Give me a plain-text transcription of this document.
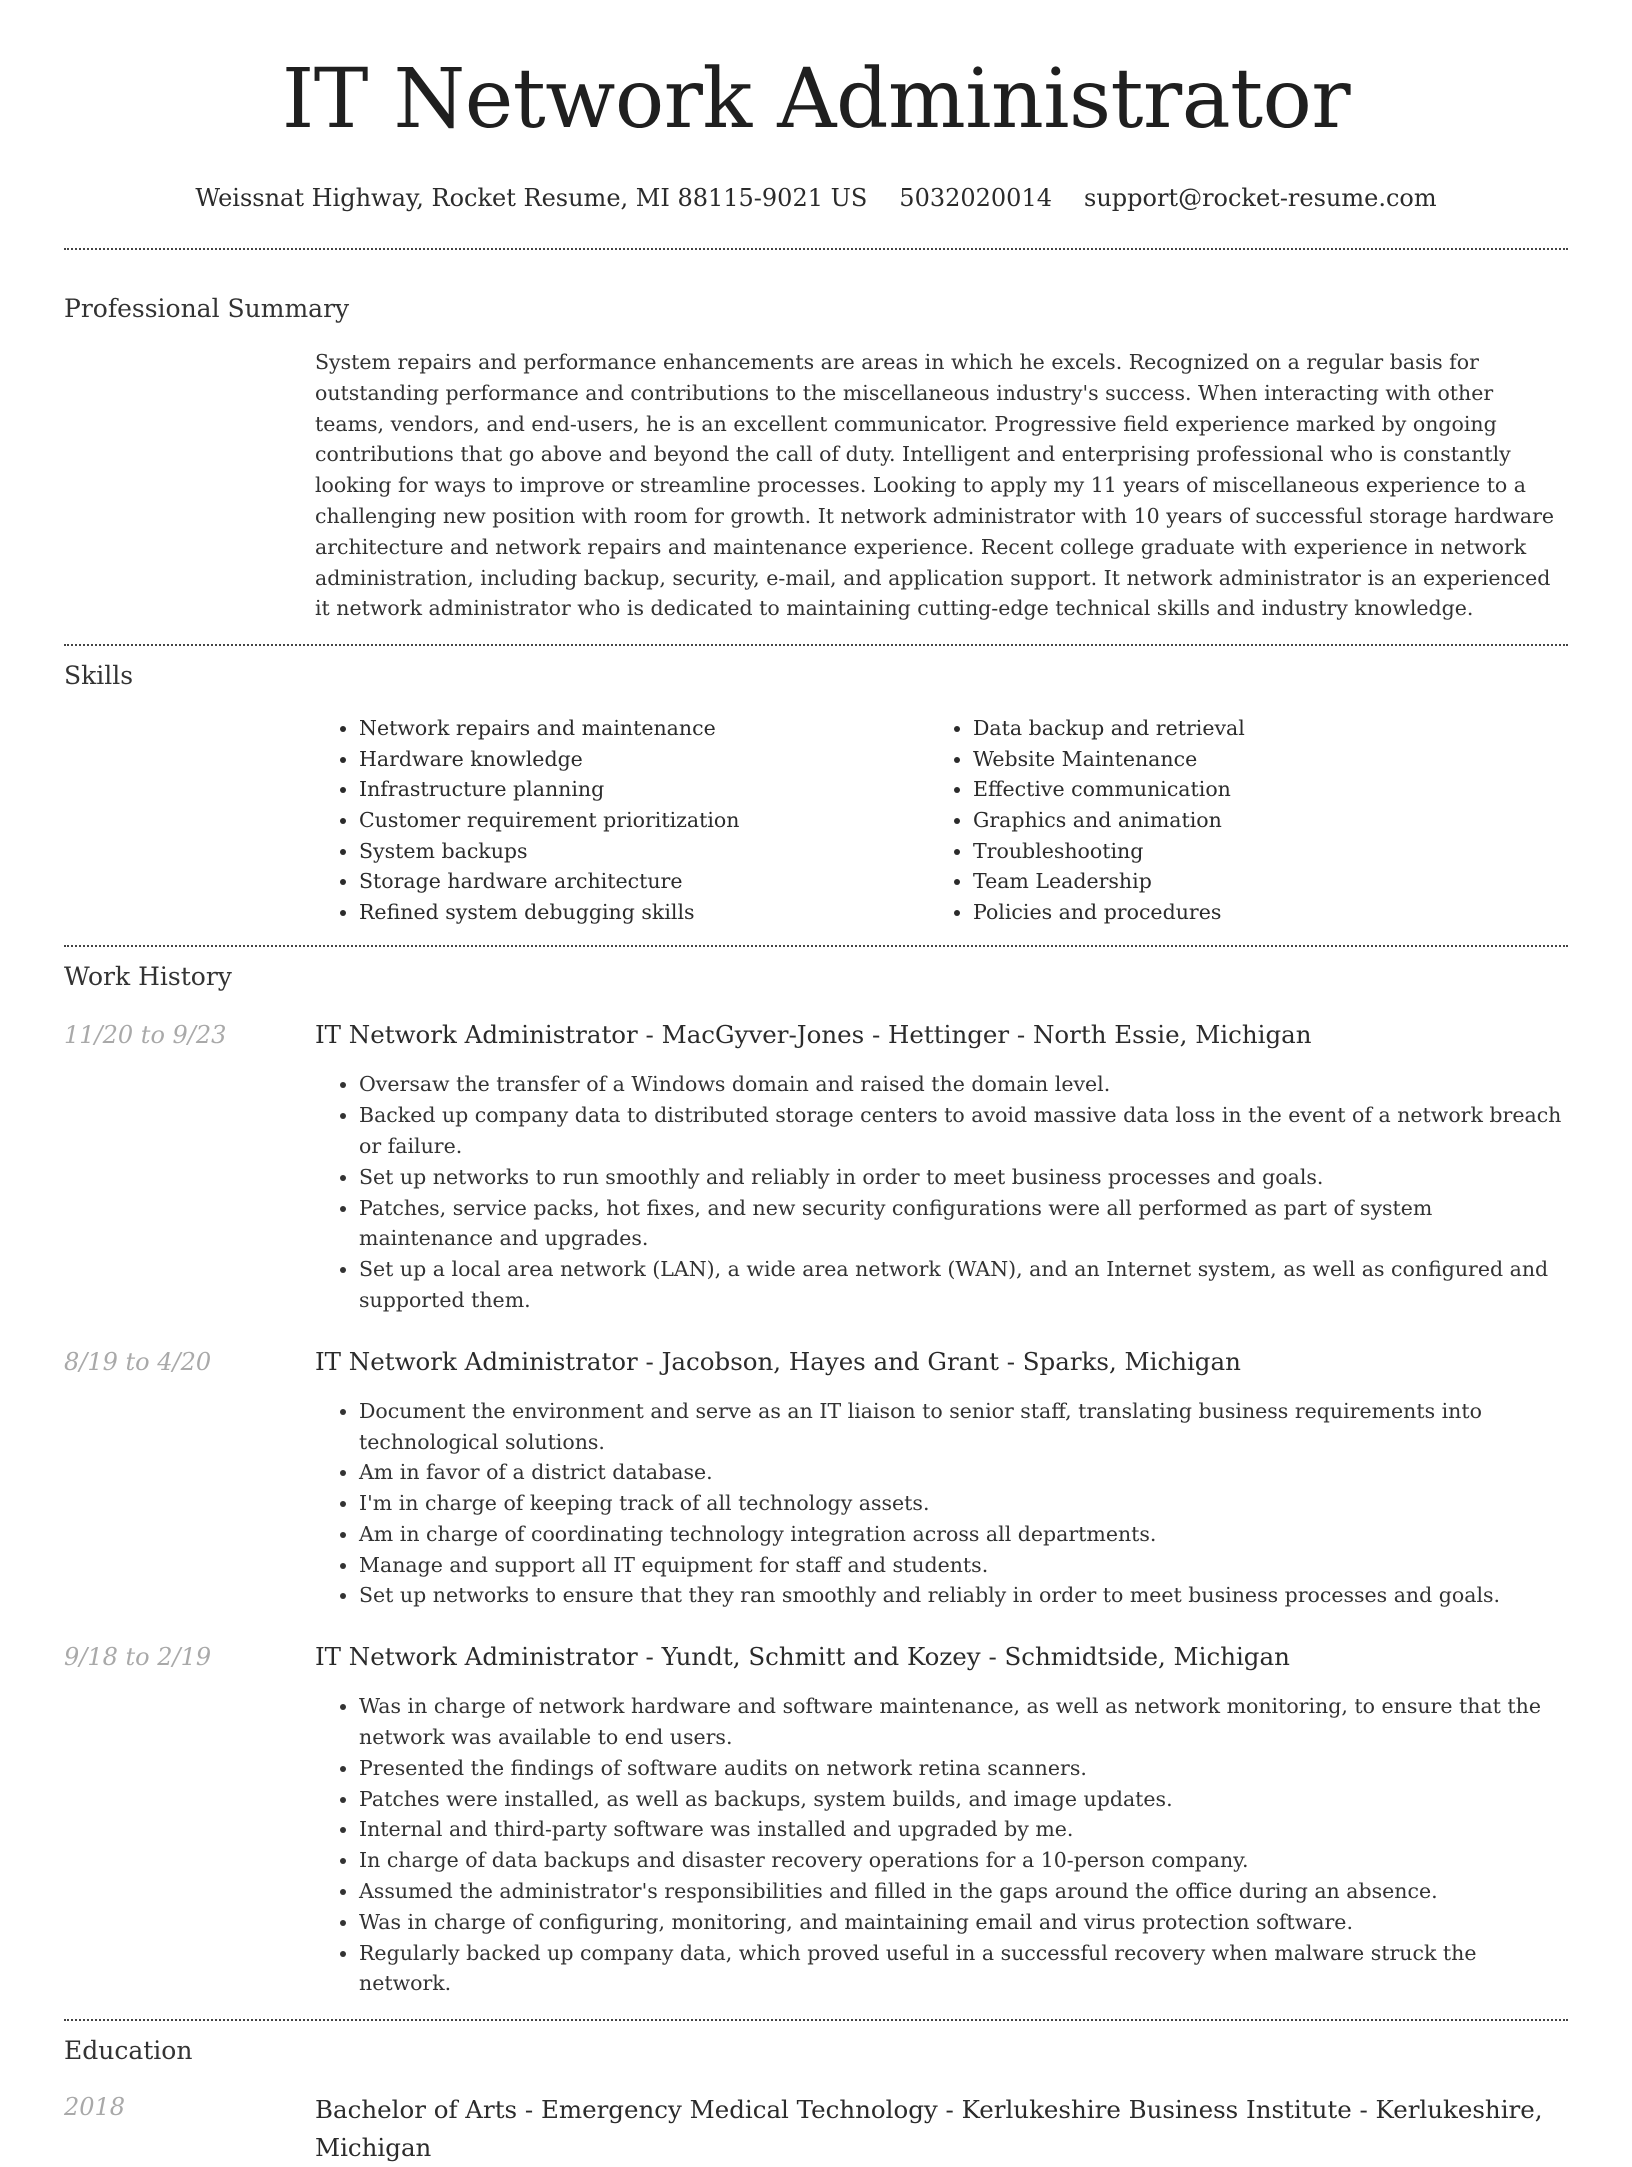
IT Network Administrator
Weissnat Highway, Rocket Resume, MI 88115-9021 US 5032020014 support@rocket-resume.com
Professional Summary
System repairs and performance enhancements are areas in which he excels. Recognized on a regular basis for outstanding performance and contributions to the miscellaneous industry's success. When interacting with other teams, vendors, and end-users, he is an excellent communicator. Progressive field experience marked by ongoing contributions that go above and beyond the call of duty. Intelligent and enterprising professional who is constantly looking for ways to improve or streamline processes. Looking to apply my 11 years of miscellaneous experience to a challenging new position with room for growth. It network administrator with 10 years of successful storage hardware architecture and network repairs and maintenance experience. Recent college graduate with experience in network administration, including backup, security, e-mail, and application support. It network administrator is an experienced it network administrator who is dedicated to maintaining cutting-edge technical skills and industry knowledge.
Skills
• Network repairs and maintenance
• Hardware knowledge
• Infrastructure planning
• Customer requirement prioritization
• System backups
• Storage hardware architecture
• Refined system debugging skills
• Data backup and retrieval
• Website Maintenance
• Effective communication
• Graphics and animation
• Troubleshooting
• Team Leadership
• Policies and procedures
Work History
11/20 to 9/23	IT Network Administrator - MacGyver-Jones - Hettinger - North Essie, Michigan
• Oversaw the transfer of a Windows domain and raised the domain level.
• Backed up company data to distributed storage centers to avoid massive data loss in the event of a network breach or failure.
• Set up networks to run smoothly and reliably in order to meet business processes and goals.
• Patches, service packs, hot fixes, and new security configurations were all performed as part of system maintenance and upgrades.
• Set up a local area network (LAN), a wide area network (WAN), and an Internet system, as well as configured and supported them.
8/19 to 4/20	IT Network Administrator - Jacobson, Hayes and Grant - Sparks, Michigan
• Document the environment and serve as an IT liaison to senior staff, translating business requirements into technological solutions.
• Am in favor of a district database.
• I'm in charge of keeping track of all technology assets.
• Am in charge of coordinating technology integration across all departments.
• Manage and support all IT equipment for staff and students.
• Set up networks to ensure that they ran smoothly and reliably in order to meet business processes and goals.
9/18 to 2/19	IT Network Administrator - Yundt, Schmitt and Kozey - Schmidtside, Michigan
• Was in charge of network hardware and software maintenance, as well as network monitoring, to ensure that the network was available to end users.
• Presented the findings of software audits on network retina scanners.
• Patches were installed, as well as backups, system builds, and image updates.
• Internal and third-party software was installed and upgraded by me.
• In charge of data backups and disaster recovery operations for a 10-person company.
• Assumed the administrator's responsibilities and filled in the gaps around the office during an absence.
• Was in charge of configuring, monitoring, and maintaining email and virus protection software.
• Regularly backed up company data, which proved useful in a successful recovery when malware struck the network.
Education
2018	Bachelor of Arts - Emergency Medical Technology - Kerlukeshire Business Institute - Kerlukeshire, Michigan
